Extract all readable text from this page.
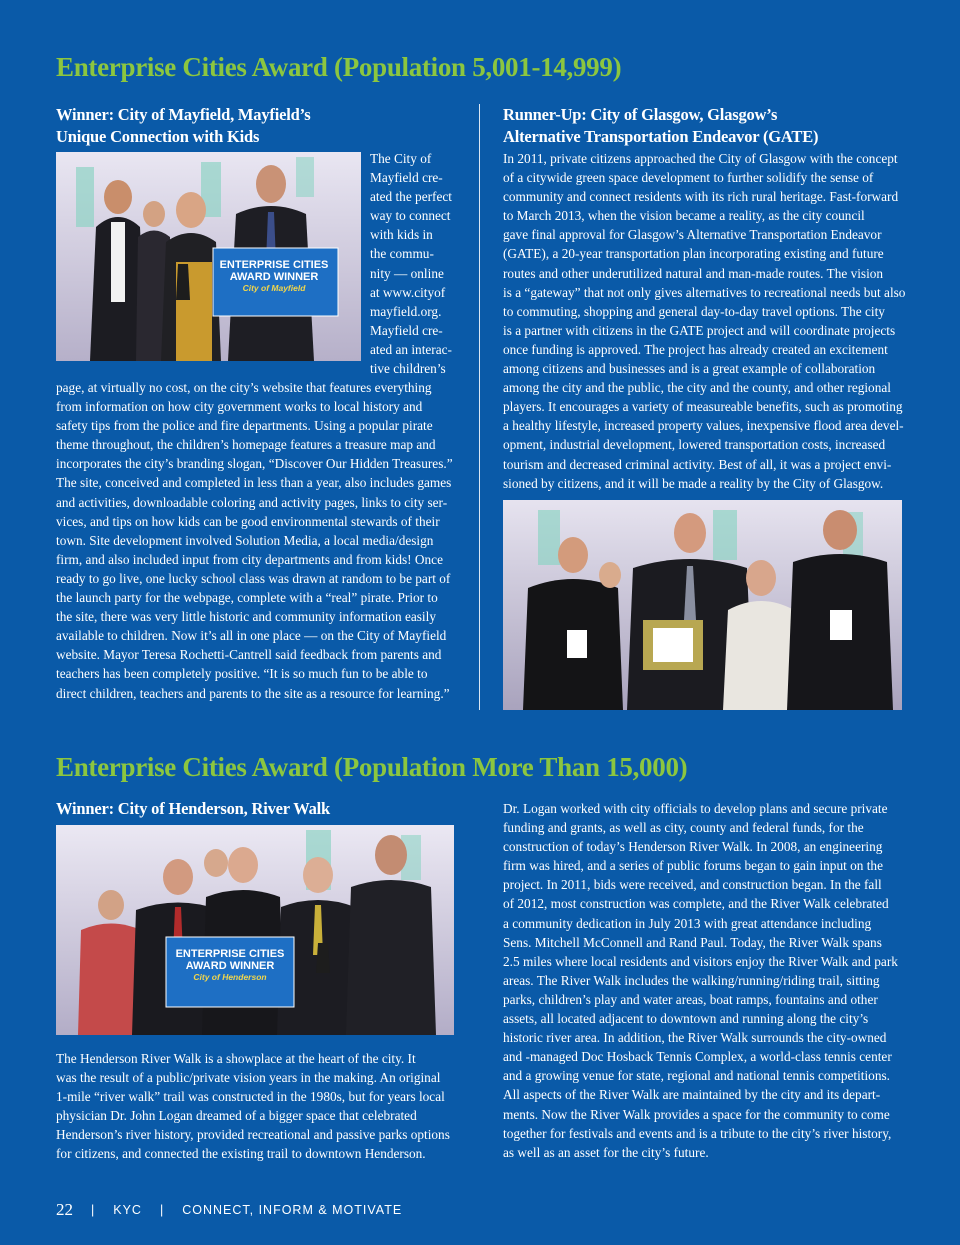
Enterprise Cities Award (Population 5,001-14,999)
Winner: City of Mayfield, Mayfield’s
Unique Connection with Kids
ENTERPRISE CITIES
AWARD WINNER
City of Mayfield
The City of
Mayfield cre-
ated the perfect
way to connect
with kids in
the commu-
nity — online
at www.cityof
mayfield.org.
Mayfield cre-
ated an interac-
tive children’s
page, at virtually no cost, on the city’s website that features everything
from information on how city government works to local history and
safety tips from the police and fire departments. Using a popular pirate
theme throughout, the children’s homepage features a treasure map and
incorporates the city’s branding slogan, “Discover Our Hidden Treasures.”
The site, conceived and completed in less than a year, also includes games
and activities, downloadable coloring and activity pages, links to city ser-
vices, and tips on how kids can be good environmental stewards of their
town. Site development involved Solution Media, a local media/design
firm, and also included input from city departments and from kids! Once
ready to go live, one lucky school class was drawn at random to be part of
the launch party for the webpage, complete with a “real” pirate. Prior to
the site, there was very little historic and community information easily
available to children. Now it’s all in one place — on the City of Mayfield
website. Mayor Teresa Rochetti-Cantrell said feedback from parents and
teachers has been completely positive. “It is so much fun to be able to
direct children, teachers and parents to the site as a resource for learning.”
Runner-Up: City of Glasgow, Glasgow’s
Alternative Transportation Endeavor (GATE)
In 2011, private citizens approached the City of Glasgow with the concept
of a citywide green space development to further solidify the sense of
community and connect residents with its rich rural heritage. Fast-forward
to March 2013, when the vision became a reality, as the city council
gave final approval for Glasgow’s Alternative Transportation Endeavor
(GATE), a 20-year transportation plan incorporating existing and future
routes and other underutilized natural and man-made routes. The vision
is a “gateway” that not only gives alternatives to recreational needs but also
to commuting, shopping and general day-to-day travel options. The city
is a partner with citizens in the GATE project and will coordinate projects
once funding is approved. The project has already created an excitement
among citizens and businesses and is a great example of collaboration
among the city and the public, the city and the county, and other regional
players. It encourages a variety of measureable benefits, such as promoting
a healthy lifestyle, increased property values, inexpensive flood area devel-
opment, industrial development, lowered transportation costs, increased
tourism and decreased criminal activity. Best of all, it was a project envi-
sioned by citizens, and it will be made a reality by the City of Glasgow.
Enterprise Cities Award (Population More Than 15,000)
Winner: City of Henderson, River Walk
ENTERPRISE CITIES
AWARD WINNER
City of Henderson
The Henderson River Walk is a showplace at the heart of the city. It
was the result of a public/private vision years in the making. An original
1-mile “river walk” trail was constructed in the 1980s, but for years local
physician Dr. John Logan dreamed of a bigger space that celebrated
Henderson’s river history, provided recreational and passive parks options
for citizens, and connected the existing trail to downtown Henderson.
Dr. Logan worked with city officials to develop plans and secure private
funding and grants, as well as city, county and federal funds, for the
construction of today’s Henderson River Walk. In 2008, an engineering
firm was hired, and a series of public forums began to gain input on the
project. In 2011, bids were received, and construction began. In the fall
of 2012, most construction was complete, and the River Walk celebrated
a community dedication in July 2013 with great attendance including
Sens. Mitchell McConnell and Rand Paul. Today, the River Walk spans
2.5 miles where local residents and visitors enjoy the River Walk and park
areas. The River Walk includes the walking/running/riding trail, sitting
parks, children’s play and water areas, boat ramps, fountains and other
assets, all located adjacent to downtown and running along the city’s
historic river area. In addition, the River Walk surrounds the city-owned
and -managed Doc Hosback Tennis Complex, a world-class tennis center
and a growing venue for state, regional and national tennis competitions.
All aspects of the River Walk are maintained by the city and its depart-
ments. Now the River Walk provides a space for the community to come
together for festivals and events and is a tribute to the city’s river history,
as well as an asset for the city’s future.
22 | KYC | CONNECT, INFORM & MOTIVATE
